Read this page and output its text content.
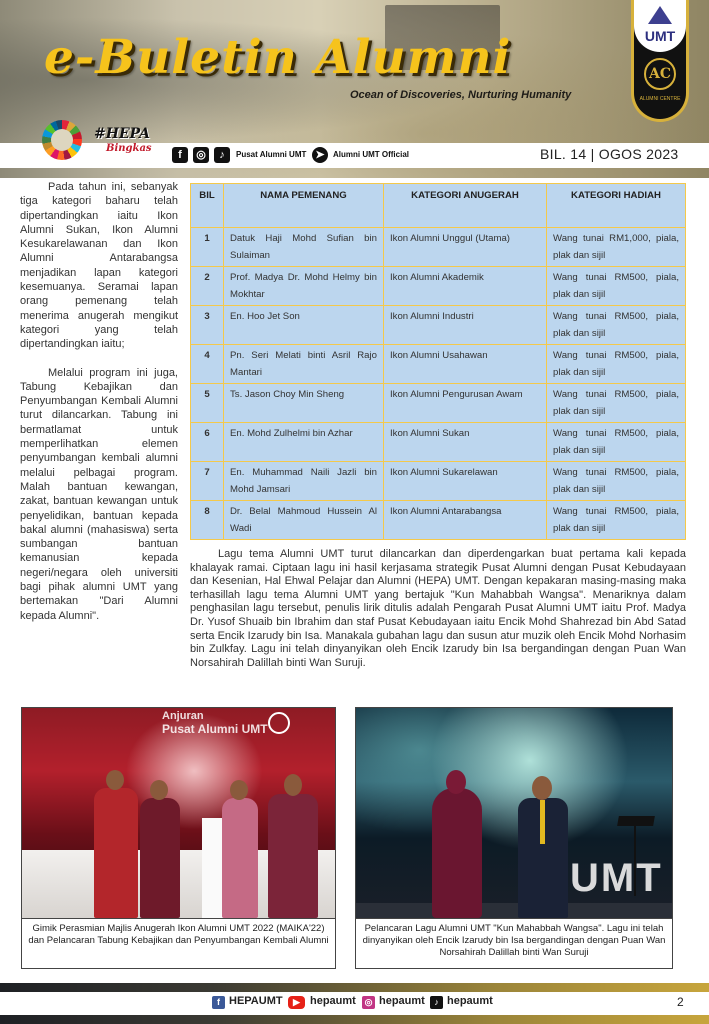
e-Buletin Alumni
Ocean of Discoveries, Nurturing Humanity
UMT
AC
ALUMNI CENTRE
#HEPA
Bingkas
f	◎	♪	Pusat Alumni UMT ➤	Alumni UMT Official	BIL. 14 | OGOS 2023

Pada tahun ini, sebanyak tiga kategori baharu telah dipertandingkan iaitu Ikon Alumni Sukan, Ikon Alumni Kesukarelawanan dan Ikon Alumni Antarabangsa menjadikan lapan kategori kesemuanya. Seramai lapan orang pemenang telah menerima anugerah mengikut kategori yang telah dipertandingkan iaitu;

Melalui program ini juga, Tabung Kebajikan dan Penyumbangan Kembali Alumni turut dilancarkan. Tabung ini bermatlamat untuk memperlihatkan elemen penyumbangan kembali alumni melalui pelbagai program. Malah bantuan kewangan, zakat, bantuan kewangan untuk penyelidikan, bantuan kepada bakal alumni (mahasiswa) serta sumbangan bantuan kemanusian kepada negeri/negara oleh universiti bagi pihak alumni UMT yang bertemakan "Dari Alumni kepada Alumni".

BIL	NAMA PEMENANG	KATEGORI ANUGERAH	KATEGORI HADIAH
1	Datuk Haji Mohd Sufian bin Sulaiman	Ikon Alumni Unggul (Utama)	Wang tunai RM1,000, piala, plak dan sijil
2	Prof. Madya Dr. Mohd Helmy bin Mokhtar	Ikon Alumni Akademik	Wang tunai RM500, piala, plak dan sijil
3	En. Hoo Jet Son	Ikon Alumni Industri	Wang tunai RM500, piala, plak dan sijil
4	Pn. Seri Melati binti Asril Rajo Mantari	Ikon Alumni Usahawan	Wang tunai RM500, piala, plak dan sijil
5	Ts. Jason Choy Min Sheng	Ikon Alumni Pengurusan Awam	Wang tunai RM500, piala, plak dan sijil
6	En. Mohd Zulhelmi bin Azhar	Ikon Alumni Sukan	Wang tunai RM500, piala, plak dan sijil
7	En. Muhammad Naili Jazli bin Mohd Jamsari	Ikon Alumni Sukarelawan	Wang tunai RM500, piala, plak dan sijil
8	Dr. Belal Mahmoud Hussein Al Wadi	Ikon Alumni Antarabangsa	Wang tunai RM500, piala, plak dan sijil

Lagu tema Alumni UMT turut dilancarkan dan diperdengarkan buat pertama kali kepada khalayak ramai. Ciptaan lagu ini hasil kerjasama strategik Pusat Alumni dengan Pusat Kebudayaan dan Kesenian, Hal Ehwal Pelajar dan Alumni (HEPA) UMT. Dengan kepakaran masing-masing maka terhasillah lagu tema Alumni UMT yang bertajuk "Kun Mahabbah Wangsa". Menariknya dalam penghasilan lagu tersebut, penulis lirik ditulis adalah Pengarah Pusat Alumni UMT iaitu Prof. Madya Dr. Yusof Shuaib bin Ibrahim dan staf Pusat Kebudayaan iaitu Encik Mohd Shahrezad bin Abd Satad serta Encik Izarudy bin Isa. Manakala gubahan lagu dan susun atur muzik oleh Encik Mohd Norhasim bin Zulkfay. Lagu ini telah dinyanyikan oleh Encik Izarudy bin Isa bergandingan dengan Puan Wan Norsahirah Dalillah binti Wan Suruji.

Anjuran
Pusat Alumni UMT
Gimik Perasmian Majlis Anugerah Ikon Alumni UMT 2022 (MAIKA'22) dan Pelancaran Tabung Kebajikan dan Penyumbangan Kembali Alumni
UMT
Pelancaran Lagu Alumni UMT "Kun Mahabbah Wangsa". Lagu ini telah dinyanyikan oleh Encik Izarudy bin Isa bergandingan dengan Puan Wan Norsahirah Dalillah binti Wan Suruji
f HEPAUMT	▶ hepaumt ◎ hepaumt	♪ hepaumt	2
